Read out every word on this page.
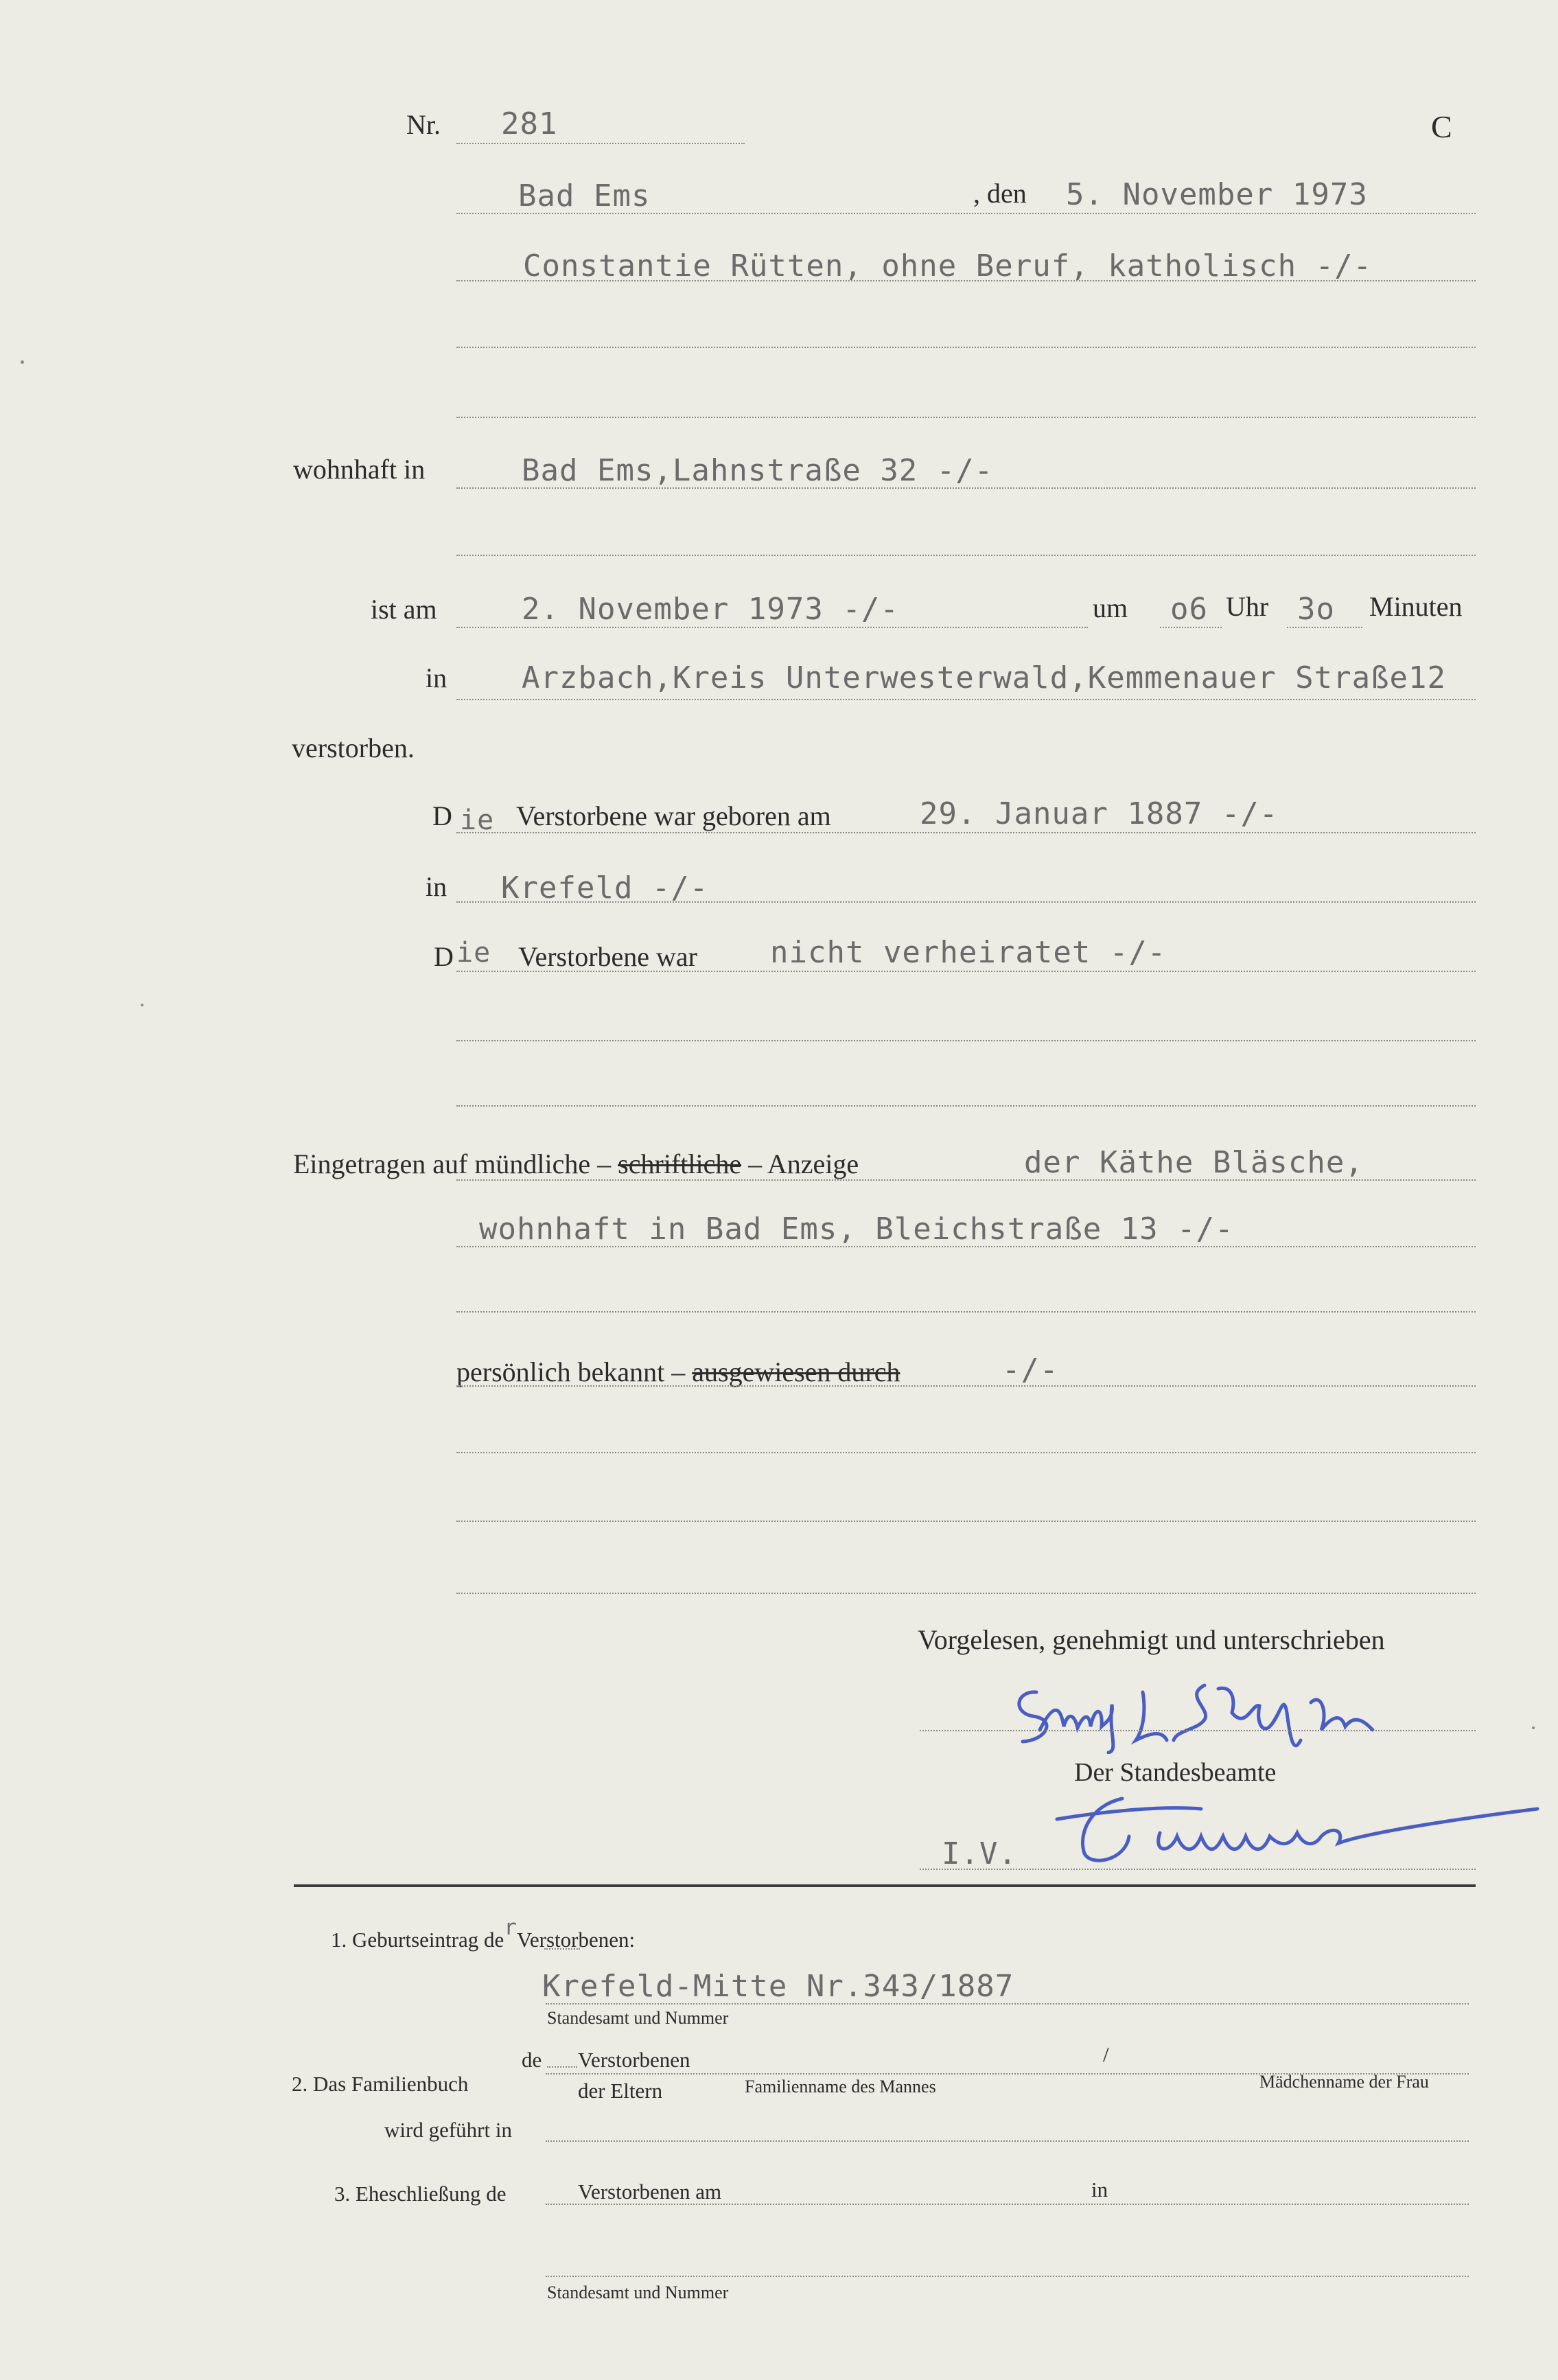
Nr. 281	C
Bad Ems	, den 5. November 1973
Constantie Rütten, ohne Beruf, katholisch -/-
wohnhaft in	Bad Ems,Lahnstraße 32 -/-
ist am	2. November 1973 -/-	um o6 Uhr 3o Minuten
in Arzbach,Kreis Unterwesterwald,Kemmenauer Straße12
verstorben.
D ie Verstorbene war geboren am	29. Januar 1887 -/-
in Krefeld -/-
D ie Verstorbene war nicht verheiratet -/-
Eingetragen auf mündliche – schriftliche – Anzeige	der Käthe Bläsche,
wohnhaft in Bad Ems, Bleichstraße 13 -/-
persönlich bekannt – ausgewiesen durch	-/-
Vorgelesen, genehmigt und unterschrieben
Der Standesbeamte
I.V.
1. Geburtseintrag derVerstorbenen:
Krefeld-Mitte Nr.343/1887
Standesamt und Nummer
2. Das Familienbuch
de Verstorbenen	/
der Eltern	Familienname des Mannes	Mädchenname der Frau
wird geführt in
3. Eheschließung de	Verstorbenen am	in
Standesamt und Nummer
